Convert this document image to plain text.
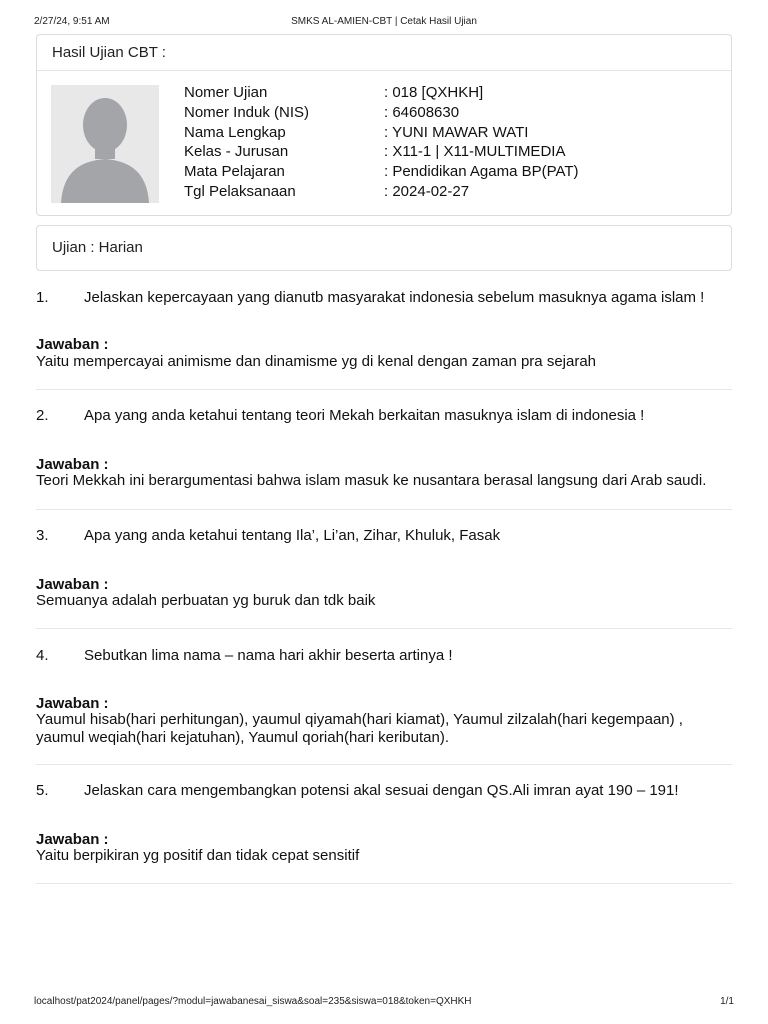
2/27/24, 9:51 AM	SMKS AL-AMIEN-CBT | Cetak Hasil Ujian
Hasil Ujian CBT :
Nomer Ujian	: 018 [QXHKH]
Nomer Induk (NIS)	: 64608630
Nama Lengkap	: YUNI MAWAR WATI
Kelas - Jurusan	: X11-1 | X11-MULTIMEDIA
Mata Pelajaran	: Pendidikan Agama BP(PAT)
Tgl Pelaksanaan	: 2024-02-27
Ujian : Harian
1. Jelaskan kepercayaan yang dianutb masyarakat indonesia sebelum masuknya agama islam !
Jawaban :
Yaitu mempercayai animisme dan dinamisme yg di kenal dengan zaman pra sejarah
2. Apa yang anda ketahui tentang teori Mekah berkaitan masuknya islam di indonesia !
Jawaban :
Teori Mekkah ini berargumentasi bahwa islam masuk ke nusantara berasal langsung dari Arab saudi.
3. Apa yang anda ketahui tentang Ila’, Li’an, Zihar, Khuluk, Fasak
Jawaban :
Semuanya adalah perbuatan yg buruk dan tdk baik
4. Sebutkan lima nama – nama hari akhir beserta artinya !
Jawaban :
Yaumul hisab(hari perhitungan), yaumul qiyamah(hari kiamat), Yaumul zilzalah(hari kegempaan) , yaumul weqiah(hari kejatuhan), Yaumul qoriah(hari keributan).
5. Jelaskan cara mengembangkan potensi akal sesuai dengan QS.Ali imran ayat 190 – 191!
Jawaban :
Yaitu berpikiran yg positif dan tidak cepat sensitif
localhost/pat2024/panel/pages/?modul=jawabanesai_siswa&soal=235&siswa=018&token=QXHKH	1/1
